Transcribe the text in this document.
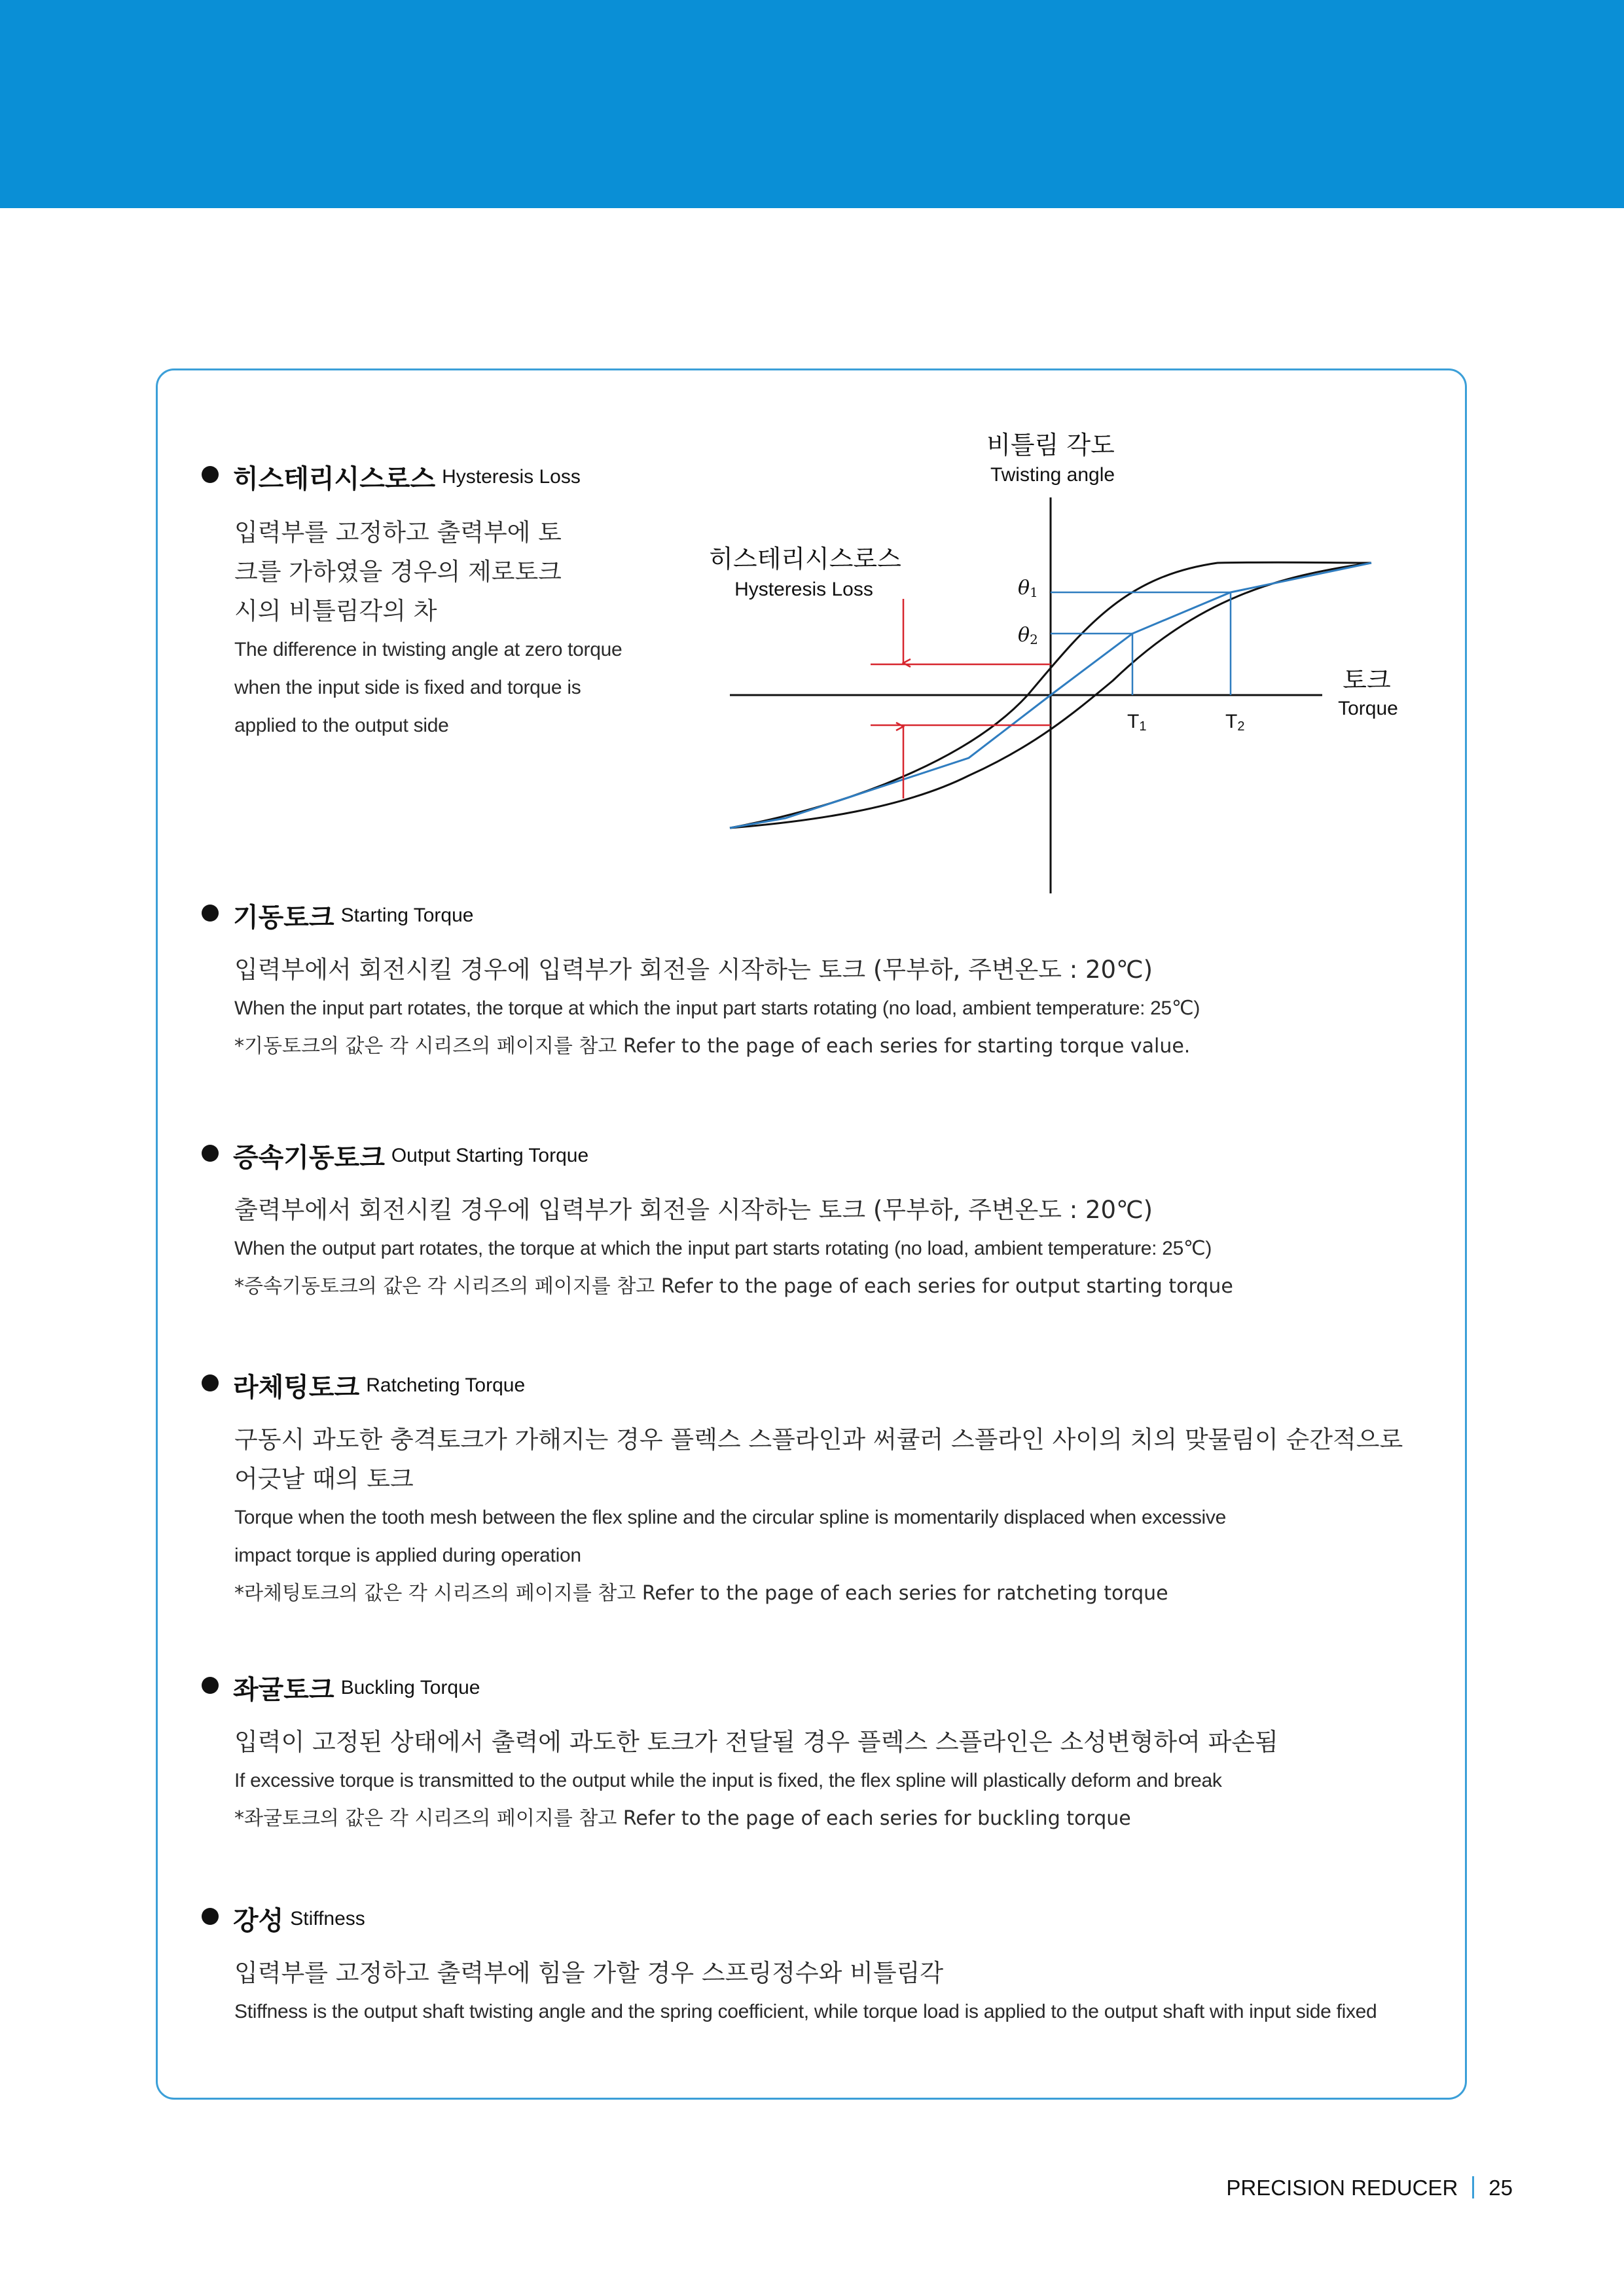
히스테리시스로스 Hysteresis Loss
입력부를 고정하고 출력부에 토
크를 가하였을 경우의 제로토크
시의 비틀림각의 차
The difference in twisting angle at zero torque
when the input side is fixed and torque is
applied to the output side
비틀림 각도
Twisting angle
히스테리시스로스
Hysteresis Loss
토크
Torque
θ1
θ2
T1	T2
기동토크 Starting Torque
입력부에서 회전시킬 경우에 입력부가 회전을 시작하는 토크 (무부하, 주변온도 : 20℃)
When the input part rotates, the torque at which the input part starts rotating (no load, ambient temperature: 25℃)
*기동토크의 값은 각 시리즈의 페이지를 참고 Refer to the page of each series for starting torque value.
증속기동토크 Output Starting Torque
출력부에서 회전시킬 경우에 입력부가 회전을 시작하는 토크 (무부하, 주변온도 : 20℃)
When the output part rotates, the torque at which the input part starts rotating (no load, ambient temperature: 25℃)
*증속기동토크의 값은 각 시리즈의 페이지를 참고 Refer to the page of each series for output starting torque
라체팅토크 Ratcheting Torque
구동시 과도한 충격토크가 가해지는 경우 플렉스 스플라인과 써큘러 스플라인 사이의 치의 맞물림이 순간적으로
어긋날 때의 토크
Torque when the tooth mesh between the flex spline and the circular spline is momentarily displaced when excessive
impact torque is applied during operation
*라체팅토크의 값은 각 시리즈의 페이지를 참고 Refer to the page of each series for ratcheting torque
좌굴토크 Buckling Torque
입력이 고정된 상태에서 출력에 과도한 토크가 전달될 경우 플렉스 스플라인은 소성변형하여 파손됨
If excessive torque is transmitted to the output while the input is fixed, the flex spline will plastically deform and break
*좌굴토크의 값은 각 시리즈의 페이지를 참고 Refer to the page of each series for buckling torque
강성 Stiffness
입력부를 고정하고 출력부에 힘을 가할 경우 스프링정수와 비틀림각
Stiffness is the output shaft twisting angle and the spring coefficient, while torque load is applied to the output shaft with input side fixed
PRECISION REDUCER 25
